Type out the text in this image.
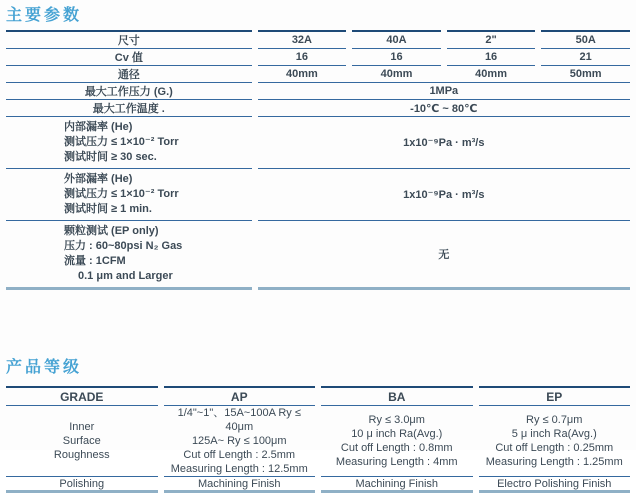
主要参数
尺寸	32A	40A	2"	50A
Cv 值	16	16	16	21
通径	40mm	40mm	40mm	50mm
最大工作压力 (G.)	1MPa			
最大工作温度 .	-10℃ ~ 80℃			

内部漏率 (He)
测试压力 ≤ 1×10⁻² Torr
测试时间 ≥ 30 sec.	1x10⁻⁹Pa · m³/s			

外部漏率 (He)
测试压力 ≤ 1×10⁻² Torr
测试时间 ≥ 1 min.	1x10⁻⁹Pa · m³/s			

颗粒测试 (EP only)
压力 : 60~80psi N₂ Gas
流量 : 1CFM
0.1 μm and Larger	无			
产品等级
GRADE	AP	BA	EP

Inner
Surface
Roughness	1/4"~1"、15A~100A Ry ≤ 40μm
125A~ Ry ≤ 100μm
Cut off Length : 2.5mm
Measuring Length : 12.5mm	Ry ≤ 3.0μm
10 μ inch Ra(Avg.)
Cut off Length : 0.8mm
Measuring Length : 4mm	Ry ≤ 0.7μm
5 μ inch Ra(Avg.)
Cut off Length : 0.25mm
Measuring Length : 1.25mm

Polishing	Machining Finish	Machining Finish	Electro Polishing Finish
